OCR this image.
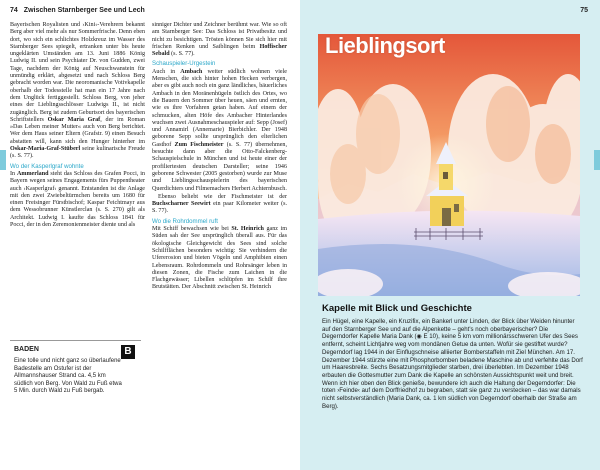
74 Zwischen Starnberger See und Lech

Bayerischen Royalisten und ›Kini‹-Verehrern bekannt Berg aber viel mehr als nur Sommerfrische. Denn eben dort, wo sich ein schlichtes Holzkreuz im Wasser des Starnberger Sees spiegelt, ertranken unter bis heute ungeklärten Umständen am 13. Juni 1886 König Ludwig II. und sein Psychiater Dr. von Gudden, zwei Tage, nachdem der König auf Neuschwanstein für unmündig erklärt, abgesetzt und nach Schloss Berg gebracht worden war. Die neoromanische Votivkapelle oberhalb der Todesstelle hat man ein 17 Jahre nach dem Unglück fertiggestellt. Schloss Berg, von jeher eines der Lieblingsschlösser Ludwigs II., ist nicht zugänglich. Berg ist zudem Geburtsort des bayerischen Schriftstellers Oskar Maria Graf, der im Roman »Das Leben meiner Mutter« auch von Berg berichtet. Wer dem Haus seiner Eltern (Grafstr. 9) einen Besuch abstatten will, kann sich den Hunger hinterher im Oskar-Maria-Graf-Stüberl seine kulinarische Freude (s. S. 77).

Wo der Kasperlgraf wohnte

In Ammerland steht das Schloss des Grafen Pocci, in Bayern wegen seines Engagements fürs Puppentheater auch ›Kasperlgraf‹ genannt. Entstanden ist die Anlage mit den zwei Zwiebeltürmchen bereits um 1680 für einen Freisinger Fürstbischof; Kaspar Feichtmayr aus dem Wessobrunner Künstlerclan (s. S. 270) gilt als Architekt. Ludwig I. kaufte das Schloss 1841 für Pocci, der in den Zeremonienmeister diente und als

sinniger Dichter und Zeichner berühmt war. Wie so oft am Starnberger See: Das Schloss ist Privatbesitz und nicht zu besichtigen. Trösten können Sie sich hier mit frischen Renken und Saiblingen beim Hoffischer Sebald (s. S. 77).

Schauspieler-Urgestein

Auch in Ambach weiter südlich wohnen viele Menschen, die sich hinter hohen Hecken verbergen, aber es gibt auch noch ein ganz ländliches, bäuerliches Ambach in den Moränenhügeln östlich des Ortes, wo die Bauern den Sommer über heuen, säen und ernten, wie es ihre Vorfahren getan haben. Auf einem der schmucken, alten Höfe des Ambacher Hinterlandes wuchsen zwei Ausnahmeschauspieler auf: Sepp (Josef) und Annamirl (Annemarie) Bierbichler. Der 1948 geborene Sepp sollte ursprünglich den elterlichen Gasthof Zum Fischmeister (s. S. 77) übernehmen, besuchte dann aber die Otto-Falckenberg-Schauspielschule in München und ist heute einer der profiliertesten deutschen Darsteller; seine 1946 geborene Schwester (2005 gestorben) wurde zur Muse und Lieblingsschauspielerin des bayerischen Querdichters und Filmemachers Herbert Achternbusch.

Ebenso beliebt wie der Fischmeister ist der Buchscharner Seewirt ein paar Kilometer weiter (s. S. 77).

Wo die Rohrdommel ruft

Mit Schiff bewachsen wie bei St. Heinrich ganz im Süden sah der See ursprünglich überall aus. Für das ökologische Gleichgewicht des Sees sind solche Schilfflächen besonders wichtig: Sie verhindern die Ufererosion und bieten Vögeln und Amphibien einen Lebensraum. Rohrdommeln und Rohrsänger leben in diesen Zonen, die Fische zum Laichen in die Flachgewässer; Libellen schlüpfen im Schilf ihre Brutstätten. Der Abschnitt zwischen St. Heinrich

BADEN	B
Eine tolle und nicht ganz so überlaufene Badestelle am Ostufer ist der Allmannshauser Strand ca. 4,5 km südlich von Berg. Von Wald zu Fuß etwa 5 Min. durch Wald zu Fuß bergab.
75
Lieblingsort
Kapelle mit Blick und Geschichte
Ein Hügel, eine Kapelle, ein Kruzifix, ein Bankerl unter Linden, der Blick über Weiden hinunter auf den Starnberger See und auf die Alpenkette – geht's noch oberbayerischer? Die Degerndorfer Kapelle Maria Dank (◉ E 10), keine 5 km vom millionärsschweren Ufer des Sees entfernt, scheint Lichtjahre weg vom mondänen Getue da unten. Wofür sie gestiftet wurde? Degerndorf lag 1944 in der Einflugschneise alliierter Bomberstaffeln mit Ziel München. Am 17. Dezember 1944 stürzte eine mit Phosphorbomben beladene Maschine ab und verfehlte das Dorf um Haaresbreite. Sechs Besatzungsmitglieder starben, drei überlebten. Im Dezember 1948 erbauten die Gottesmutter zum Dank die Kapelle an schönsten Aussichtspunkt weit und breit. Wenn ich hier oben den Blick genieße, bewundere ich auch die Haltung der Degerndorfer: Die toten ›Feinde‹ auf dem Dorffriedhof zu begraben, statt sie ganz zu verstecken – das war damals nicht selbstverständlich (Maria Dank, ca. 1 km südlich von Degerndorf oberhalb der Straße am Berg).
